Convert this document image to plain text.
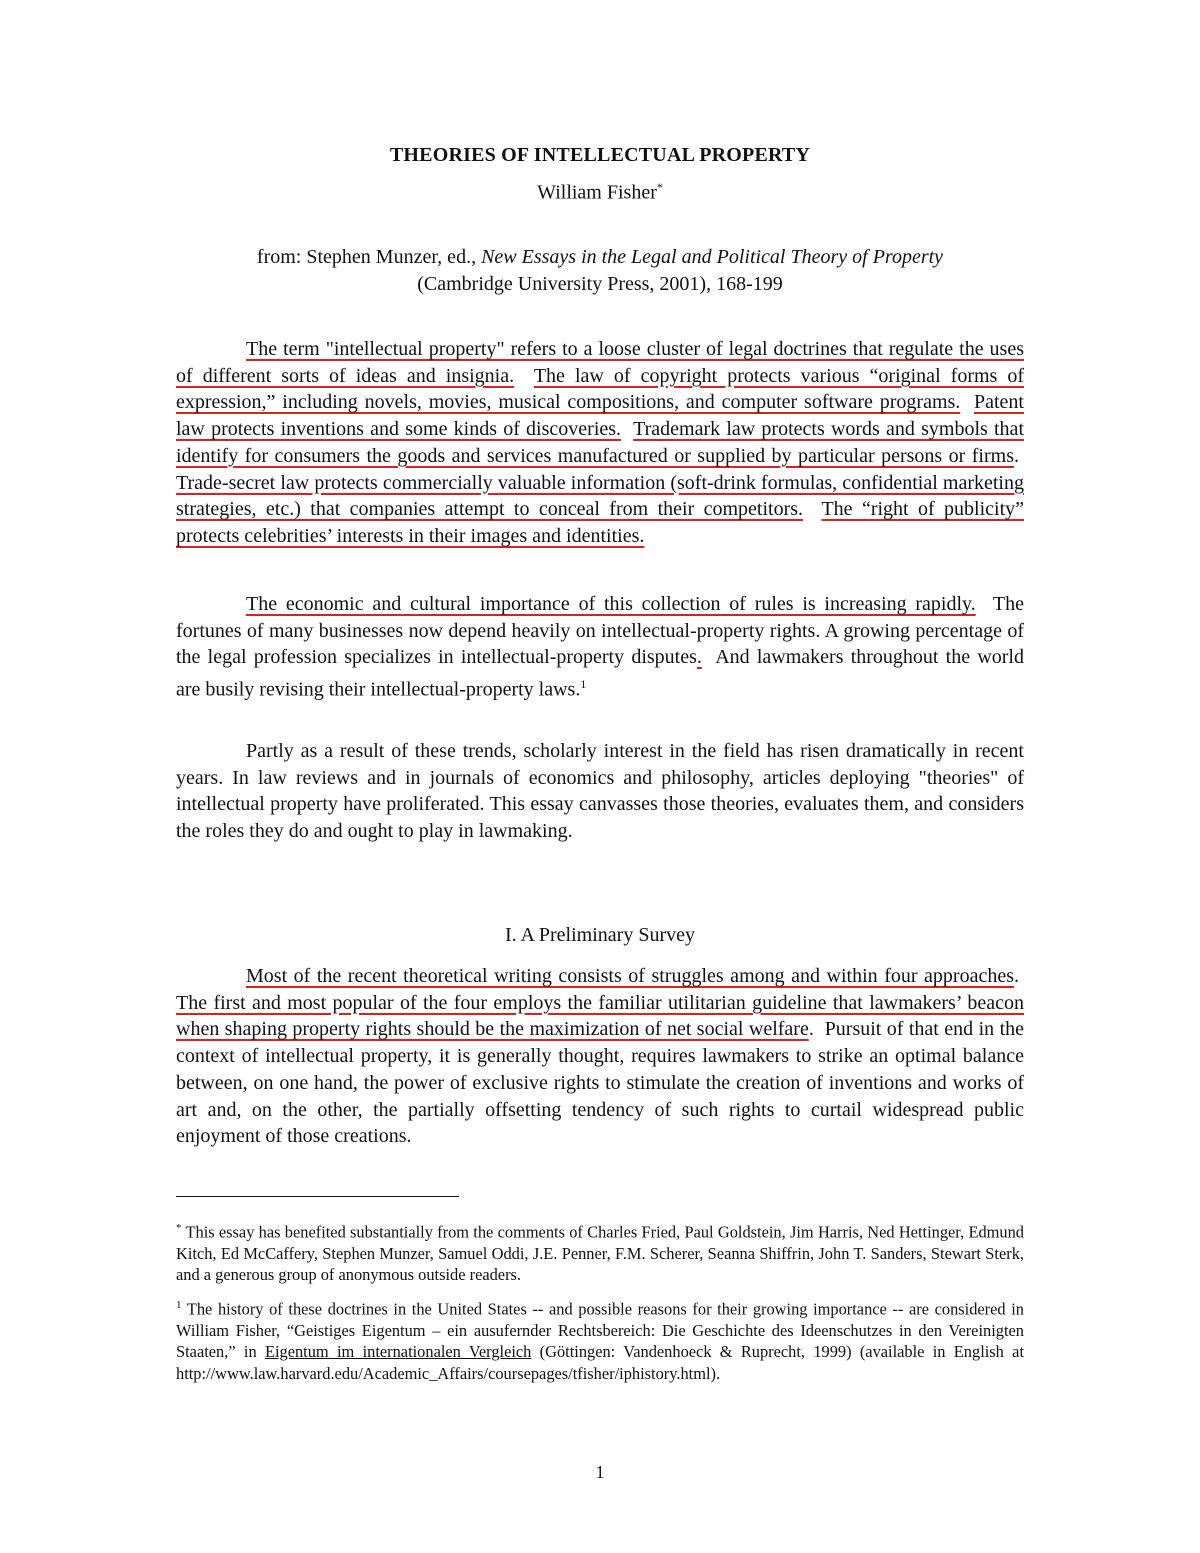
THEORIES OF INTELLECTUAL PROPERTY
William Fisher*
from: Stephen Munzer, ed., New Essays in the Legal and Political Theory of Property
(Cambridge University Press, 2001), 168-199

The term "intellectual property" refers to a loose cluster of legal doctrines that regulate the uses of different sorts of ideas and insignia. The law of copyright protects various “original forms of expression,” including novels, movies, musical compositions, and computer software programs. Patent law protects inventions and some kinds of discoveries. Trademark law protects words and symbols that identify for consumers the goods and services manufactured or supplied by particular persons or firms.  Trade-secret law protects commercially valuable information (soft-drink formulas, confidential marketing strategies, etc.) that companies attempt to conceal from their competitors. The “right of publicity” protects celebrities’ interests in their images and identities.

The economic and cultural importance of this collection of rules is increasing rapidly. The fortunes of many businesses now depend heavily on intellectual-property rights. A growing percentage of the legal profession specializes in intellectual-property disputes. And lawmakers throughout the world are busily revising their intellectual-property laws.$^1$

Partly as a result of these trends, scholarly interest in the field has risen dramatically in recent years. In law reviews and in journals of economics and philosophy, articles deploying "theories" of intellectual property have proliferated. This essay canvasses those theories, evaluates them, and considers the roles they do and ought to play in lawmaking.

I. A Preliminary Survey

Most of the recent theoretical writing consists of struggles among and within four approaches.  The first and most popular of the four employs the familiar utilitarian guideline that lawmakers’ beacon when shaping property rights should be the maximization of net social welfare.  Pursuit of that end in the context of intellectual property, it is generally thought, requires lawmakers to strike an optimal balance between, on one hand, the power of exclusive rights to stimulate the creation of inventions and works of art and, on the other, the partially offsetting tendency of such rights to curtail widespread public enjoyment of those creations.

* This essay has benefited substantially from the comments of Charles Fried, Paul Goldstein, Jim Harris, Ned Hettinger, Edmund Kitch, Ed McCaffery, Stephen Munzer, Samuel Oddi, J.E. Penner, F.M. Scherer, Seanna Shiffrin, John T. Sanders, Stewart Sterk, and a generous group of anonymous outside readers.

$^1$ The history of these doctrines in the United States -- and possible reasons for their growing importance -- are considered in William Fisher, “Geistiges Eigentum – ein ausufernder Rechtsbereich: Die Geschichte des Ideenschutzes in den Vereinigten Staaten,” in Eigentum im internationalen Vergleich (Göttingen: Vandenhoeck & Ruprecht, 1999) (available in English at http://www.law.harvard.edu/Academic_Affairs/coursepages/tfisher/iphistory.html).

1
